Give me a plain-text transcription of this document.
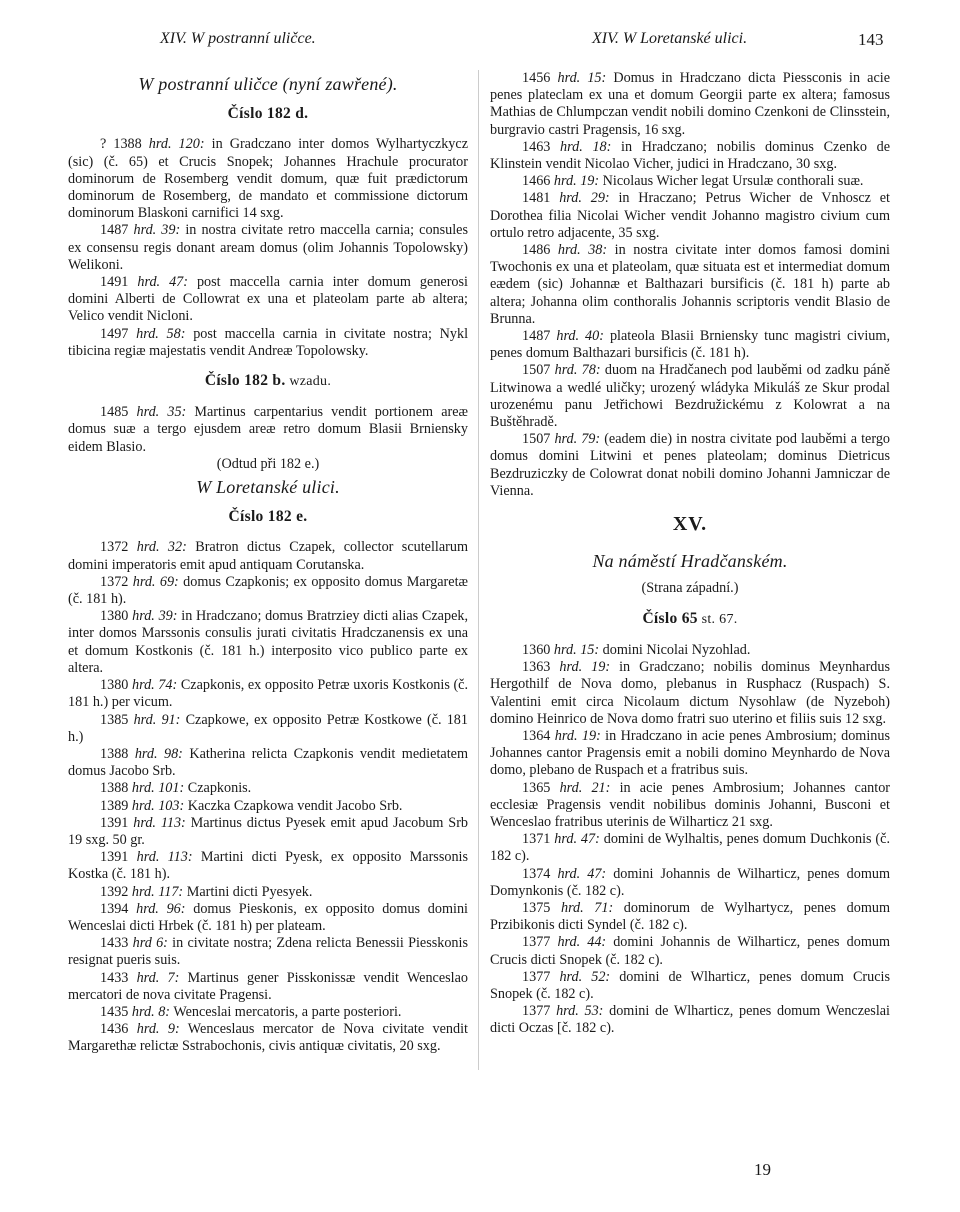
XIV. W postranní uličce.	XIV. W Loretanské ulici.	143
W postranní uličce (nyní zawřené).
Číslo 182 d.

? 1388 hrd. 120: in Gradczano inter domos Wylhartyczkycz (sic) (č. 65) et Crucis Snopek; Johannes Hrachule procurator dominorum de Rosemberg vendit domum, quæ fuit prædictorum dominorum de Rosemberg, de mandato et commissione dictorum dominorum Blaskoni carnifici 14 sxg.

1487 hrd. 39: in nostra civitate retro maccella carnia; consules ex consensu regis donant aream domus (olim Johannis Topolowsky) Welikoni.

1491 hrd. 47: post maccella carnia inter domum generosi domini Alberti de Collowrat ex una et plateolam parte ab altera; Velico vendit Nicloni.

1497 hrd. 58: post maccella carnia in civitate nostra; Nykl tibicina regiæ majestatis vendit Andreæ Topolowsky.

Číslo 182 b. wzadu.

1485 hrd. 35: Martinus carpentarius vendit portionem areæ domus suæ a tergo ejusdem areæ retro domum Blasii Brniensky eidem Blasio.

(Odtud při 182 e.)
W Loretanské ulici.
Číslo 182 e.

1372 hrd. 32: Bratron dictus Czapek, collector scutellarum domini imperatoris emit apud antiquam Corutanska.

1372 hrd. 69: domus Czapkonis; ex opposito domus Margaretæ (č. 181 h).

1380 hrd. 39: in Hradczano; domus Bratrziey dicti alias Czapek, inter domos Marssonis consulis jurati civitatis Hradczanensis ex una et domum Kostkonis (č. 181 h.) interposito vico publico parte ex altera.

1380 hrd. 74: Czapkonis, ex opposito Petræ uxoris Kostkonis (č. 181 h.) per vicum.

1385 hrd. 91: Czapkowe, ex opposito Petræ Kostkowe (č. 181 h.)

1388 hrd. 98: Katherina relicta Czapkonis vendit medietatem domus Jacobo Srb.

1388 hrd. 101: Czapkonis.

1389 hrd. 103: Kaczka Czapkowa vendit Jacobo Srb.

1391 hrd. 113: Martinus dictus Pyesek emit apud Jacobum Srb 19 sxg. 50 gr.

1391 hrd. 113: Martini dicti Pyesk, ex opposito Marssonis Kostka (č. 181 h).

1392 hrd. 117: Martini dicti Pyesyek.

1394 hrd. 96: domus Pieskonis, ex opposito domus domini Wenceslai dicti Hrbek (č. 181 h) per plateam.

1433 hrd 6: in civitate nostra; Zdena relicta Benessii Piesskonis resignat pueris suis.

1433 hrd. 7: Martinus gener Pisskonissæ vendit Wenceslao mercatori de nova civitate Pragensi.

1435 hrd. 8: Wenceslai mercatoris, a parte posteriori.

1436 hrd. 9: Wenceslaus mercator de Nova civitate vendit Margarethæ relictæ Sstrabochonis, civis antiquæ civitatis, 20 sxg.

1456 hrd. 15: Domus in Hradczano dicta Piessconis in acie penes plateclam ex una et domum Georgii parte ex altera; famosus Mathias de Chlumpczan vendit nobili domino Czenkoni de Clinsstein, burgravio castri Pragensis, 16 sxg.

1463 hrd. 18: in Hradczano; nobilis dominus Czenko de Klinstein vendit Nicolao Vicher, judici in Hradczano, 30 sxg.

1466 hrd. 19: Nicolaus Wicher legat Ursulæ conthorali suæ.

1481 hrd. 29: in Hraczano; Petrus Wicher de Vnhoscz et Dorothea filia Nicolai Wicher vendit Johanno magistro civium cum ortulo retro adjacente, 35 sxg.

1486 hrd. 38: in nostra civitate inter domos famosi domini Twochonis ex una et plateolam, quæ situata est et intermediat domum eædem (sic) Johannæ et Balthazari bursificis (č. 181 h) parte ab altera; Johanna olim conthoralis Johannis scriptoris vendit Blasio de Brunna.

1487 hrd. 40: plateola Blasii Brniensky tunc magistri civium, penes domum Balthazari bursificis (č. 181 h).

1507 hrd. 78: duom na Hradčanech pod lauběmi od zadku páně Litwinowa a wedlé uličky; urozený wládyka Mikuláš ze Skur prodal urozenému panu Jetřichowi Bezdružickému z Kolowrat a na Buštěhradě.

1507 hrd. 79: (eadem die) in nostra civitate pod lauběmi a tergo domus domini Litwini et penes plateolam; dominus Dietricus Bezdruziczky de Colowrat donat nobili domino Johanni Jamniczar de Vienna.

XV.
Na náměstí Hradčanském.
(Strana západní.)
Číslo 65 st. 67.

1360 hrd. 15: domini Nicolai Nyzohlad.

1363 hrd. 19: in Gradczano; nobilis dominus Meynhardus Hergothilf de Nova domo, plebanus in Rusphacz (Ruspach) S. Valentini emit circa Nicolaum dictum Nysohlaw (de Nyzeboh) domino Heinrico de Nova domo fratri suo uterino et filiis suis 12 sxg.

1364 hrd. 19: in Hradczano in acie penes Ambrosium; dominus Johannes cantor Pragensis emit a nobili domino Meynhardo de Nova domo, plebano de Ruspach et a fratribus suis.

1365 hrd. 21: in acie penes Ambrosium; Johannes cantor ecclesiæ Pragensis vendit nobilibus dominis Johanni, Busconi et Wenceslao fratribus uterinis de Wilharticz 21 sxg.

1371 hrd. 47: domini de Wylhaltis, penes domum Duchkonis (č. 182 c).

1374 hrd. 47: domini Johannis de Wilharticz, penes domum Domynkonis (č. 182 c).

1375 hrd. 71: dominorum de Wylhartycz, penes domum Przibikonis dicti Syndel (č. 182 c).

1377 hrd. 44: domini Johannis de Wilharticz, penes domum Crucis dicti Snopek (č. 182 c).

1377 hrd. 52: domini de Wlharticz, penes domum Crucis Snopek (č. 182 c).

1377 hrd. 53: domini de Wlharticz, penes domum Wenczeslai dicti Oczas [č. 182 c).

19
